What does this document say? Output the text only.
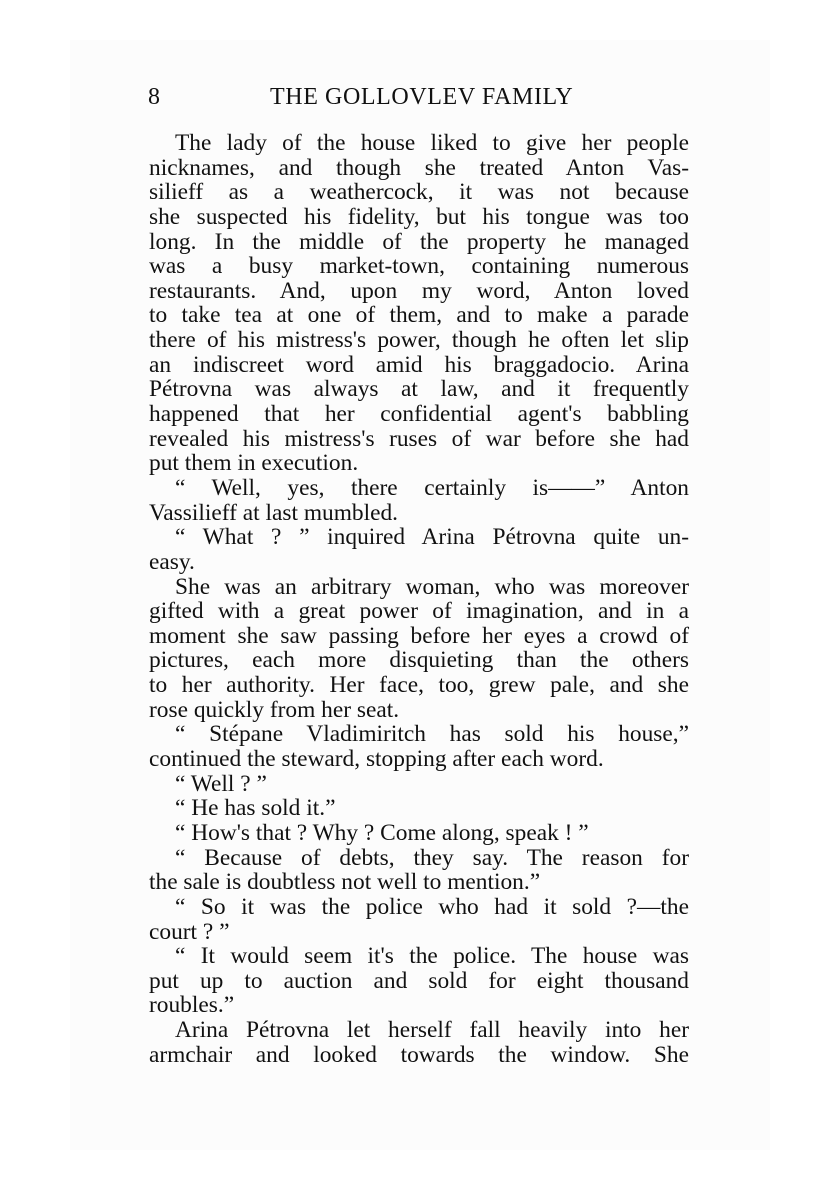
8	THE GOLLOVLEV FAMILY
The lady of the house liked to give her people
nicknames, and though she treated Anton Vas-
silieff as a weathercock, it was not because
she suspected his fidelity, but his tongue was too
long. In the middle of the property he managed
was a busy market-town, containing numerous
restaurants. And, upon my word, Anton loved
to take tea at one of them, and to make a parade
there of his mistress's power, though he often let slip
an indiscreet word amid his braggadocio. Arina
Pétrovna was always at law, and it frequently
happened that her confidential agent's babbling
revealed his mistress's ruses of war before she had
put them in execution.
“ Well, yes, there certainly is——” Anton
Vassilieff at last mumbled.
“ What ? ” inquired Arina Pétrovna quite un-
easy.
She was an arbitrary woman, who was moreover
gifted with a great power of imagination, and in a
moment she saw passing before her eyes a crowd of
pictures, each more disquieting than the others
to her authority. Her face, too, grew pale, and she
rose quickly from her seat.
“ Stépane Vladimiritch has sold his house,”
continued the steward, stopping after each word.
“ Well ? ”
“ He has sold it.”
“ How's that ? Why ? Come along, speak ! ”
“ Because of debts, they say. The reason for
the sale is doubtless not well to mention.”
“ So it was the police who had it sold ?—the
court ? ”
“ It would seem it's the police. The house was
put up to auction and sold for eight thousand
roubles.”
Arina Pétrovna let herself fall heavily into her
armchair and looked towards the window. She
